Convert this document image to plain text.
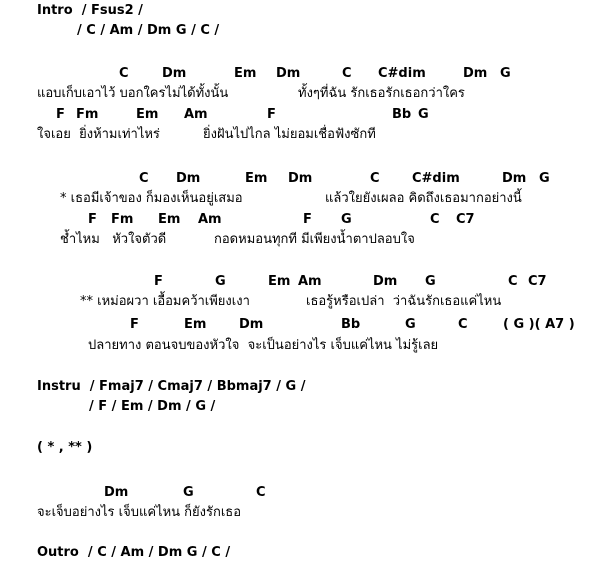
Intro  / Fsus2 /
/ C / Am / Dm G / C /
C	Dm	Em Dm	C C#dim	Dm G
แอบเก็บเอาไว้ บอกใครไม่ได้ทั้งนั้น	ทั้งๆที่ฉัน รักเธอรักเธอกว่าใคร
F Fm	Em Am	F	Bb G
ใจเอย  ยิ่งห้ามเท่าไหร่	ยิ่งฝันไปไกล ไม่ยอมเชื่อฟังซักที
C Dm	Em Dm	C C#dim	Dm G
* เธอมีเจ้าของ ก็มองเห็นอยู่เสมอ	แล้วใยยังเผลอ คิดถึงเธอมากอย่างนี้
F Fm Em Am	F G	C C7
ช้ำไหม   หัวใจตัวดี	กอดหมอนทุกที มีเพียงน้ำตาปลอบใจ
F	G	Em Am	Dm G	C C7
** เหม่อผวา เอื้อมคว้าเพียงเงา	เธอรู้หรือเปล่า  ว่าฉันรักเธอแค่ไหน
F	Em	Dm	Bb	G	C	( G )( A7 )
ปลายทาง ตอนจบของหัวใจ  จะเป็นอย่างไร เจ็บแค่ไหน ไม่รู้เลย
Instru  / Fmaj7 / Cmaj7 / Bbmaj7 / G /
/ F / Em / Dm / G /
( * , ** )
Dm	G	C
จะเจ็บอย่างไร เจ็บแค่ไหน ก็ยังรักเธอ
Outro  / C / Am / Dm G / C /
